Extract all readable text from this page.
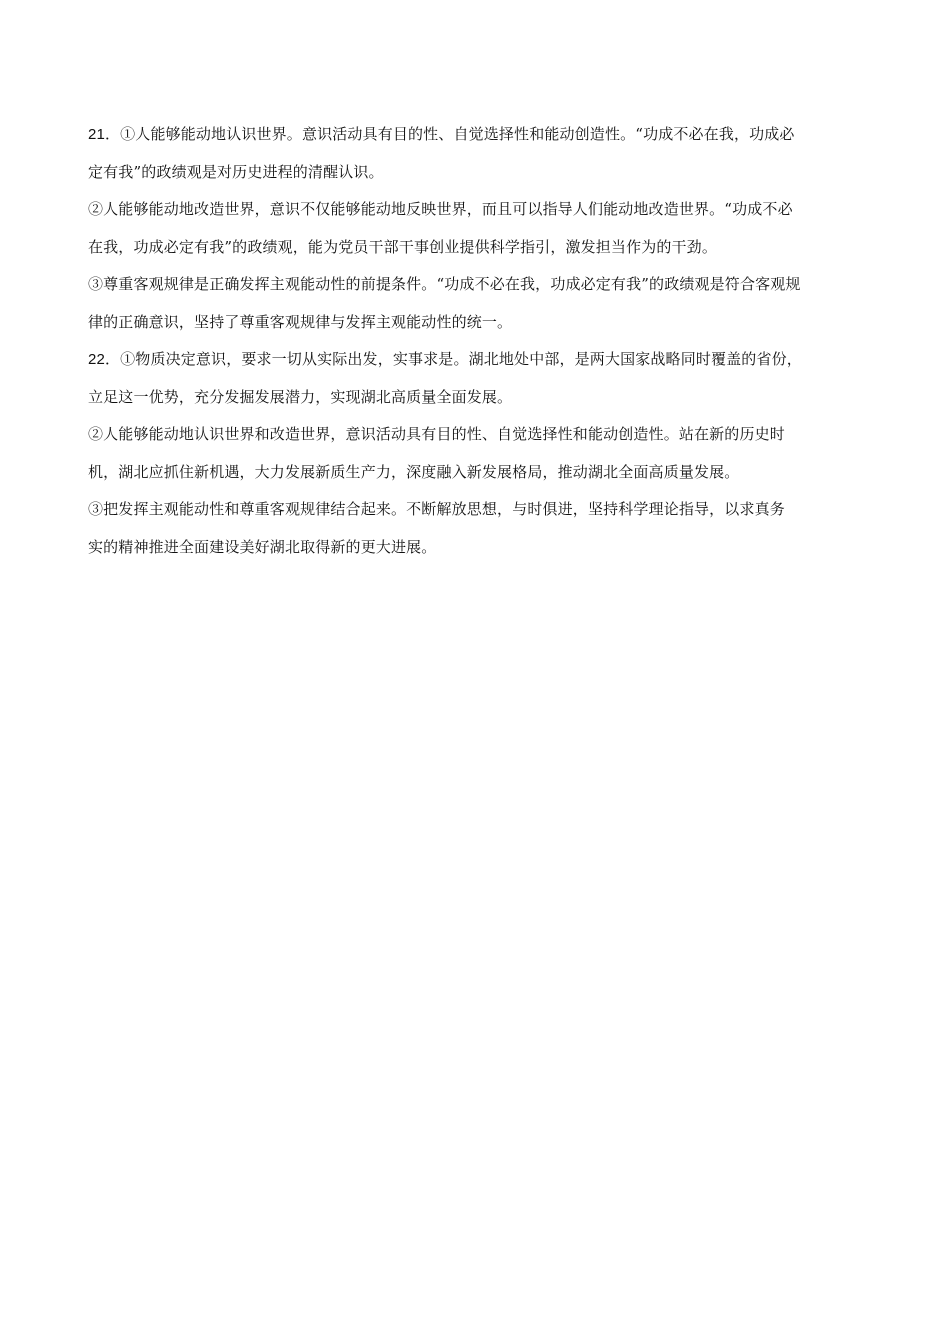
21．①人能够能动地认识世界。意识活动具有目的性、自觉选择性和能动创造性。“功成不必在我，功成必
定有我”的政绩观是对历史进程的清醒认识。
②人能够能动地改造世界，意识不仅能够能动地反映世界，而且可以指导人们能动地改造世界。“功成不必
在我，功成必定有我”的政绩观，能为党员干部干事创业提供科学指引，激发担当作为的干劲。
③尊重客观规律是正确发挥主观能动性的前提条件。“功成不必在我，功成必定有我”的政绩观是符合客观规
律的正确意识，坚持了尊重客观规律与发挥主观能动性的统一。
22．①物质决定意识，要求一切从实际出发，实事求是。湖北地处中部，是两大国家战略同时覆盖的省份，
立足这一优势，充分发掘发展潜力，实现湖北高质量全面发展。
②人能够能动地认识世界和改造世界，意识活动具有目的性、自觉选择性和能动创造性。站在新的历史时
机，湖北应抓住新机遇，大力发展新质生产力，深度融入新发展格局，推动湖北全面高质量发展。
③把发挥主观能动性和尊重客观规律结合起来。不断解放思想，与时俱进，坚持科学理论指导，以求真务
实的精神推进全面建设美好湖北取得新的更大进展。
